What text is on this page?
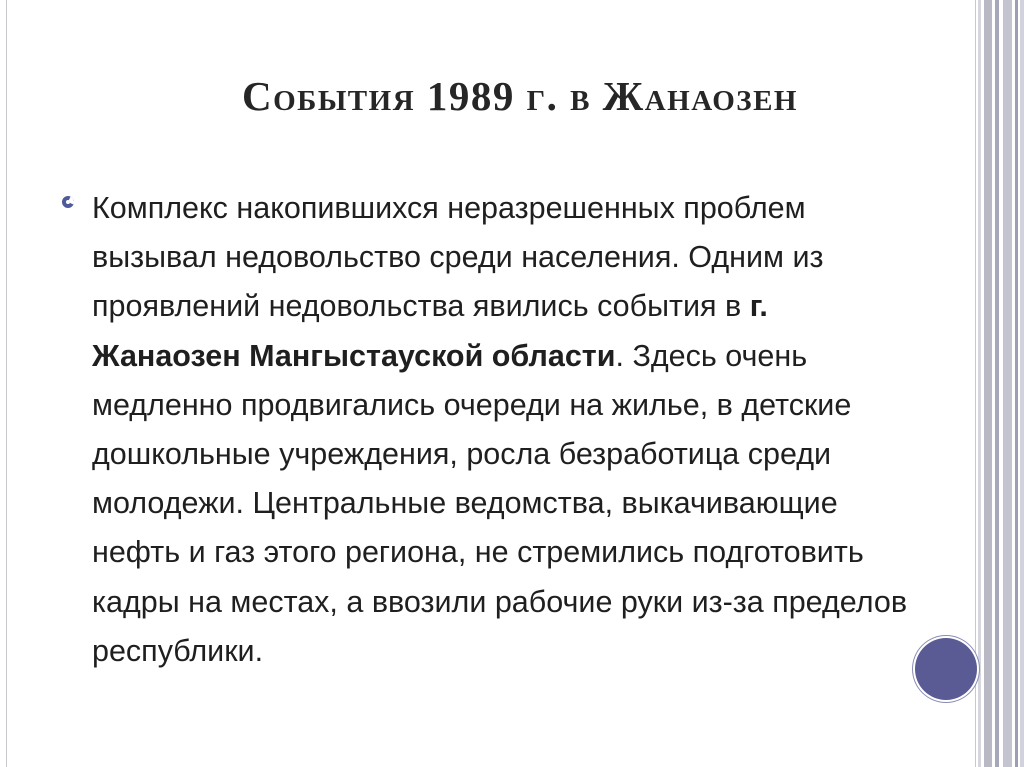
События 1989 г. в Жанаозен

Комплекс накопившихся неразрешенных проблем вызывал недовольство среди населения. Одним из проявлений недовольства явились события в г. Жанаозен Мангыстауской области. Здесь очень медленно продвигались очереди на жилье, в детские дошкольные учреждения, росла безработица среди молодежи. Центральные ведомства, выкачивающие нефть и газ этого региона, не стремились подготовить кадры на местах, а ввозили рабочие руки из-за пределов республики.
